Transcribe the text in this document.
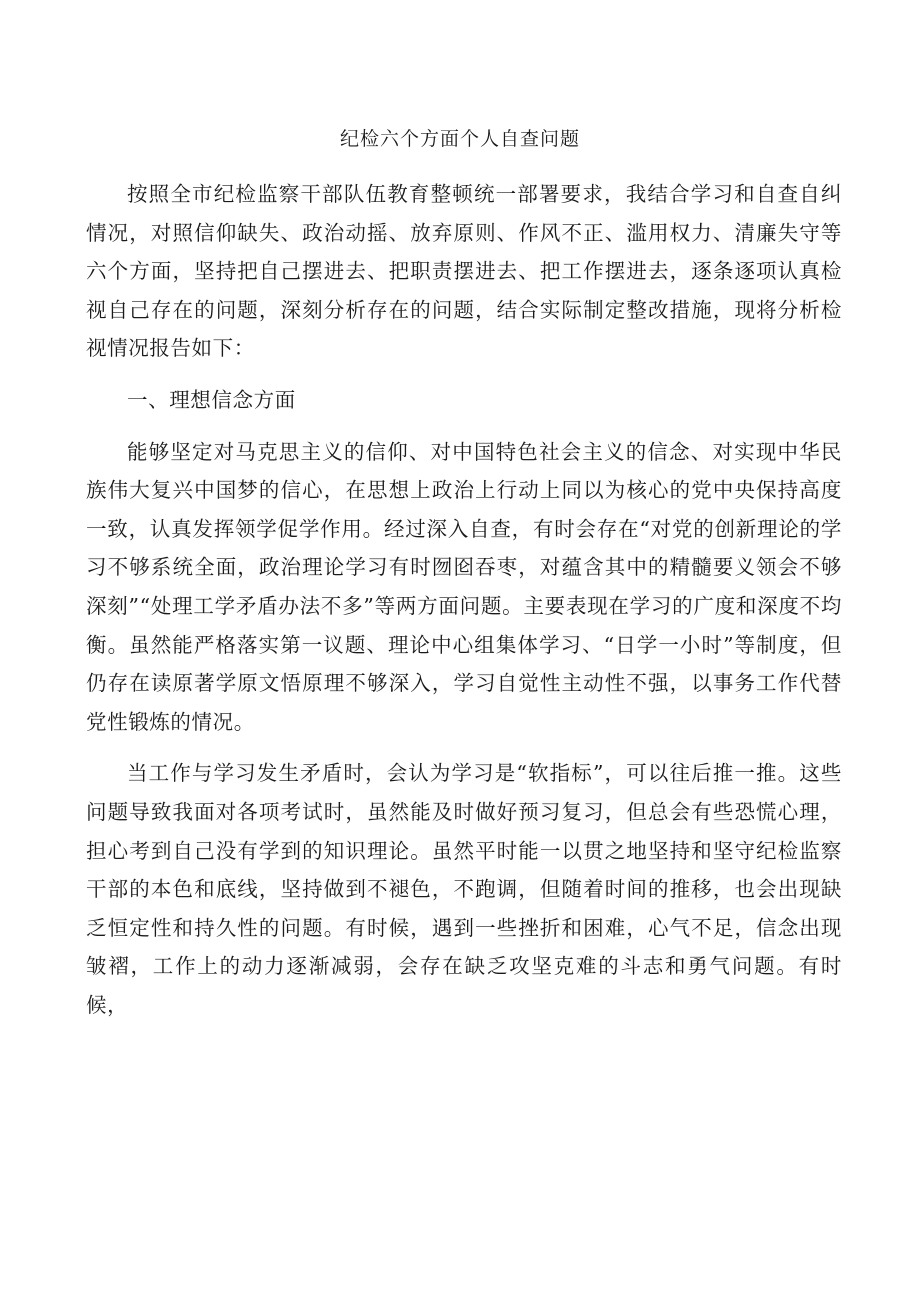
纪检六个方面个人自查问题

按照全市纪检监察干部队伍教育整顿统一部署要求，我结合学习和自查自纠情况，对照信仰缺失、政治动摇、放弃原则、作风不正、滥用权力、清廉失守等六个方面，坚持把自己摆进去、把职责摆进去、把工作摆进去，逐条逐项认真检视自己存在的问题，深刻分析存在的问题，结合实际制定整改措施，现将分析检视情况报告如下：

一、理想信念方面

能够坚定对马克思主义的信仰、对中国特色社会主义的信念、对实现中华民族伟大复兴中国梦的信心，在思想上政治上行动上同以为核心的党中央保持高度一致，认真发挥领学促学作用。经过深入自查，有时会存在“对党的创新理论的学习不够系统全面，政治理论学习有时囫囵吞枣，对蕴含其中的精髓要义领会不够深刻”“处理工学矛盾办法不多”等两方面问题。主要表现在学习的广度和深度不均衡。虽然能严格落实第一议题、理论中心组集体学习、“日学一小时”等制度，但仍存在读原著学原文悟原理不够深入，学习自觉性主动性不强，以事务工作代替党性锻炼的情况。

当工作与学习发生矛盾时，会认为学习是“软指标”，可以往后推一推。这些问题导致我面对各项考试时，虽然能及时做好预习复习，但总会有些恐慌心理，担心考到自己没有学到的知识理论。虽然平时能一以贯之地坚持和坚守纪检监察干部的本色和底线，坚持做到不褪色，不跑调，但随着时间的推移，也会出现缺乏恒定性和持久性的问题。有时候，遇到一些挫折和困难，心气不足，信念出现皱褶，工作上的动力逐渐减弱，会存在缺乏攻坚克难的斗志和勇气问题。有时候，
